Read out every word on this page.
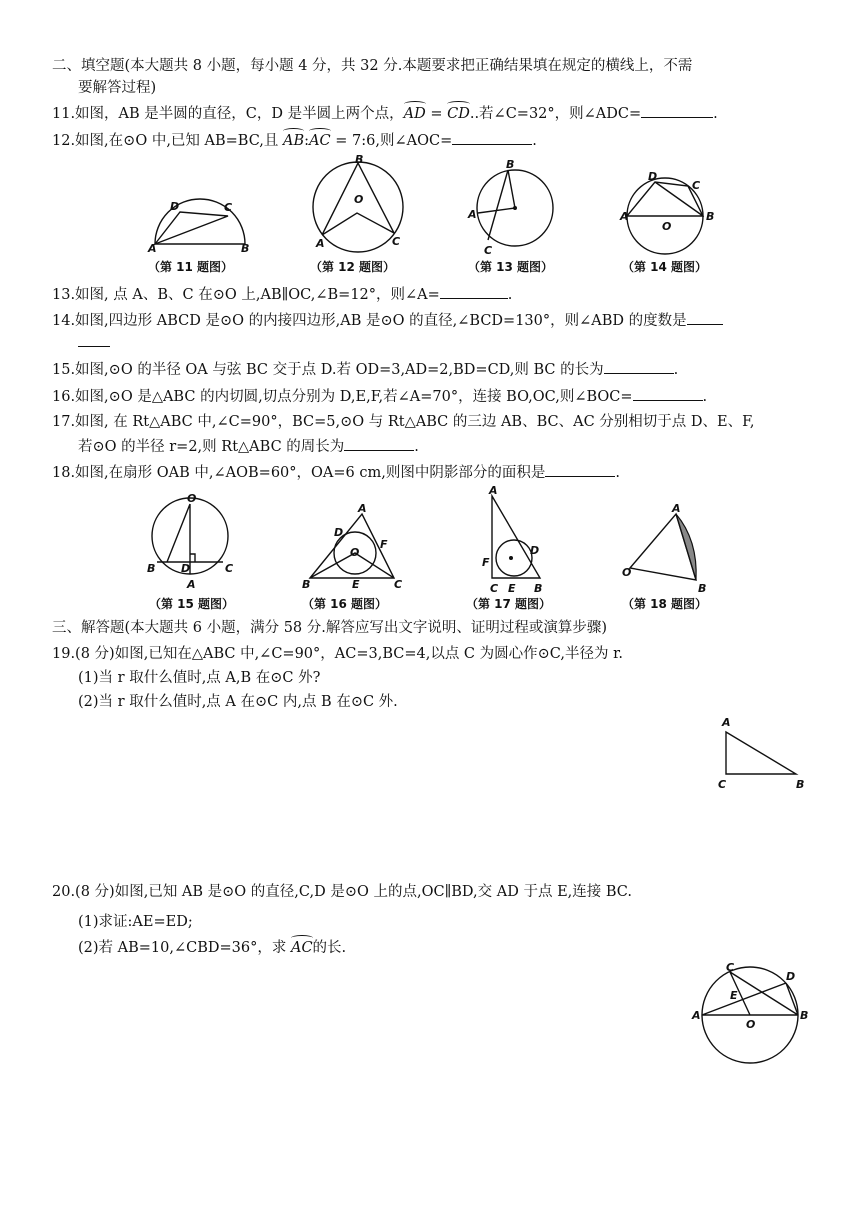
二、填空题(本大题共 8 小题，每小题 4 分，共 32 分.本题要求把正确结果填在规定的横线上，不需
要解答过程)
11.如图，AB 是半圆的直径，C，D 是半圆上两个点，AD = CD..若∠C=32°，则∠ADC=	.
12.如图,在⊙O 中,已知 AB=BC,且 AB:AC = 7:6,则∠AOC=	.
A	B
C
D
（第 11 题图）
O
B
A	C
（第 12 题图）
B
A
C
（第 13 题图）
D
C
A	B
O
（第 14 题图）
13.如图, 点 A、B、C 在⊙O 上,AB∥OC,∠B=12°，则∠A=	.
14.如图,四边形 ABCD 是⊙O 的内接四边形,AB 是⊙O 的直径,∠BCD=130°，则∠ABD 的度数是
15.如图,⊙O 的半径 OA 与弦 BC 交于点 D.若 OD=3,AD=2,BD=CD,则 BC 的长为	.
16.如图,⊙O 是△ABC 的内切圆,切点分别为 D,E,F,若∠A=70°，连接 BO,OC,则∠BOC=	.
17.如图, 在 Rt△ABC 中,∠C=90°，BC=5,⊙O 与 Rt△ABC 的三边 AB、BC、AC 分别相切于点 D、E、F,
若⊙O 的半径 r=2,则 Rt△ABC 的周长为	.
18.如图,在扇形 OAB 中,∠AOB=60°，OA=6 cm,则图中阴影部分的面积是	.
O
B D
A
C
（第 15 题图）
A
D
F
O
B	E	C
（第 16 题图）
A
D
F
C E B
（第 17 题图）
A
O
B
（第 18 题图）
三、解答题(本大题共 6 小题，满分 58 分.解答应写出文字说明、证明过程或演算步骤)
19.(8 分)如图,已知在△ABC 中,∠C=90°，AC=3,BC=4,以点 C 为圆心作⊙C,半径为 r.
(1)当 r 取什么值时,点 A,B 在⊙C 外?
(2)当 r 取什么值时,点 A 在⊙C 内,点 B 在⊙C 外.
A
C	B
20.(8 分)如图,已知 AB 是⊙O 的直径,C,D 是⊙O 上的点,OC∥BD,交 AD 于点 E,连接 BC.
(1)求证:AE=ED;
(2)若 AB=10,∠CBD=36°，求 AC的长.
C
D
E
A	B
O
